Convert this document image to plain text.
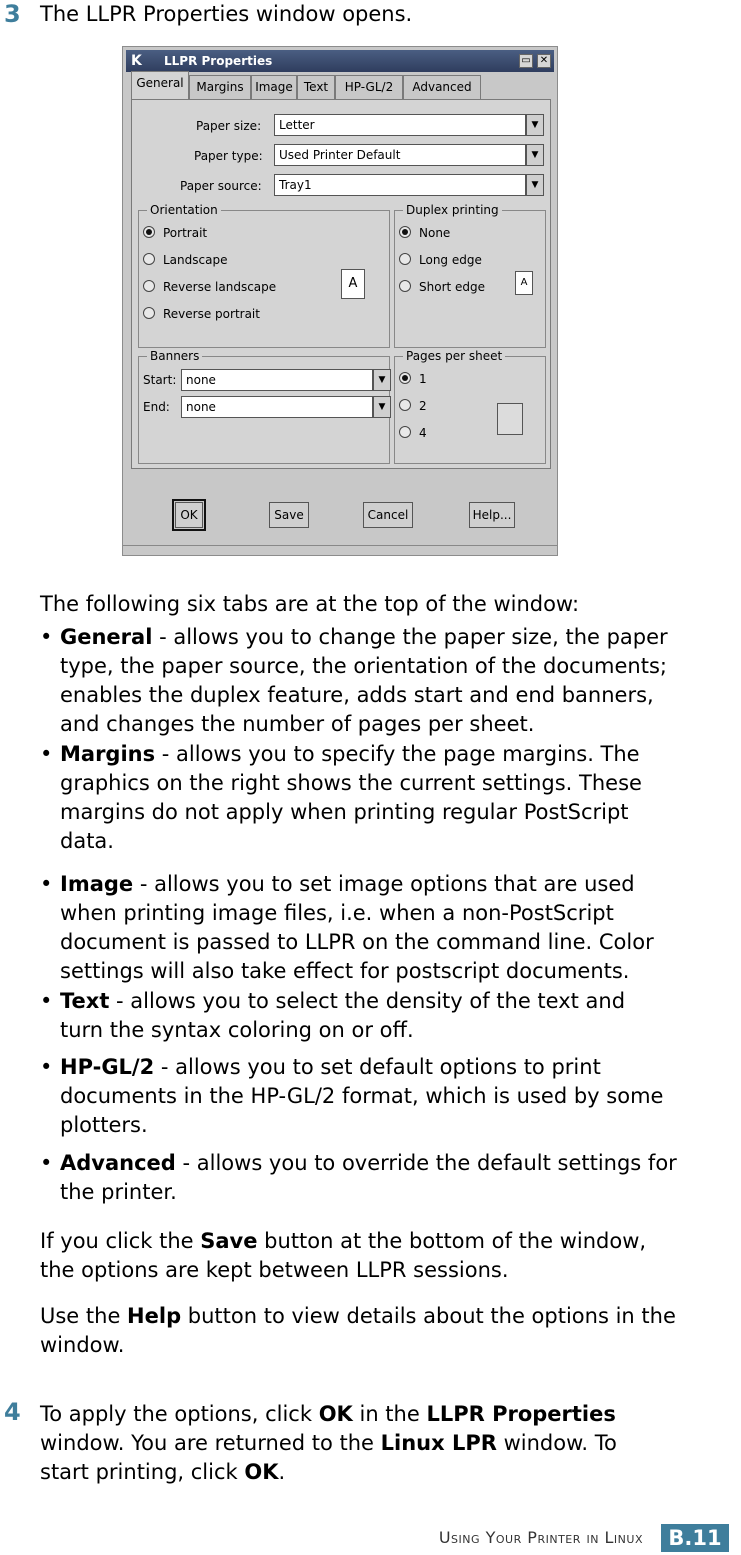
3 The LLPR Properties window opens.
K LLPR Properties	▭ ✕
General	Margins Image Text	HP-GL/2	Advanced
Paper size:	Letter	▼
Paper type:	Used Printer Default	▼
Paper source:	Tray1	▼
Orientation
Portrait
Landscape
Reverse landscape
Reverse portrait
A
Duplex printing
None
Long edge
Short edge	A
Banners
Start: none	▼
End:	none	▼
Pages per sheet
1
2
4
OK	Save	Cancel	Help...
The following six tabs are at the top of the window:
• General - allows you to change the paper size, the paper
type, the paper source, the orientation of the documents;
enables the duplex feature, adds start and end banners,
and changes the number of pages per sheet.
• Margins - allows you to specify the page margins. The
graphics on the right shows the current settings. These
margins do not apply when printing regular PostScript
data.
• Image - allows you to set image options that are used
when printing image files, i.e. when a non-PostScript
document is passed to LLPR on the command line. Color
settings will also take effect for postscript documents.
• Text - allows you to select the density of the text and
turn the syntax coloring on or off.
• HP-GL/2 - allows you to set default options to print
documents in the HP-GL/2 format, which is used by some
plotters.
• Advanced - allows you to override the default settings for
the printer.
If you click the Save button at the bottom of the window,
the options are kept between LLPR sessions.
Use the Help button to view details about the options in the
window.
4 To apply the options, click OK in the LLPR Properties
window. You are returned to the Linux LPR window. To
start printing, click OK.
Using Your Printer in Linux	B.11
